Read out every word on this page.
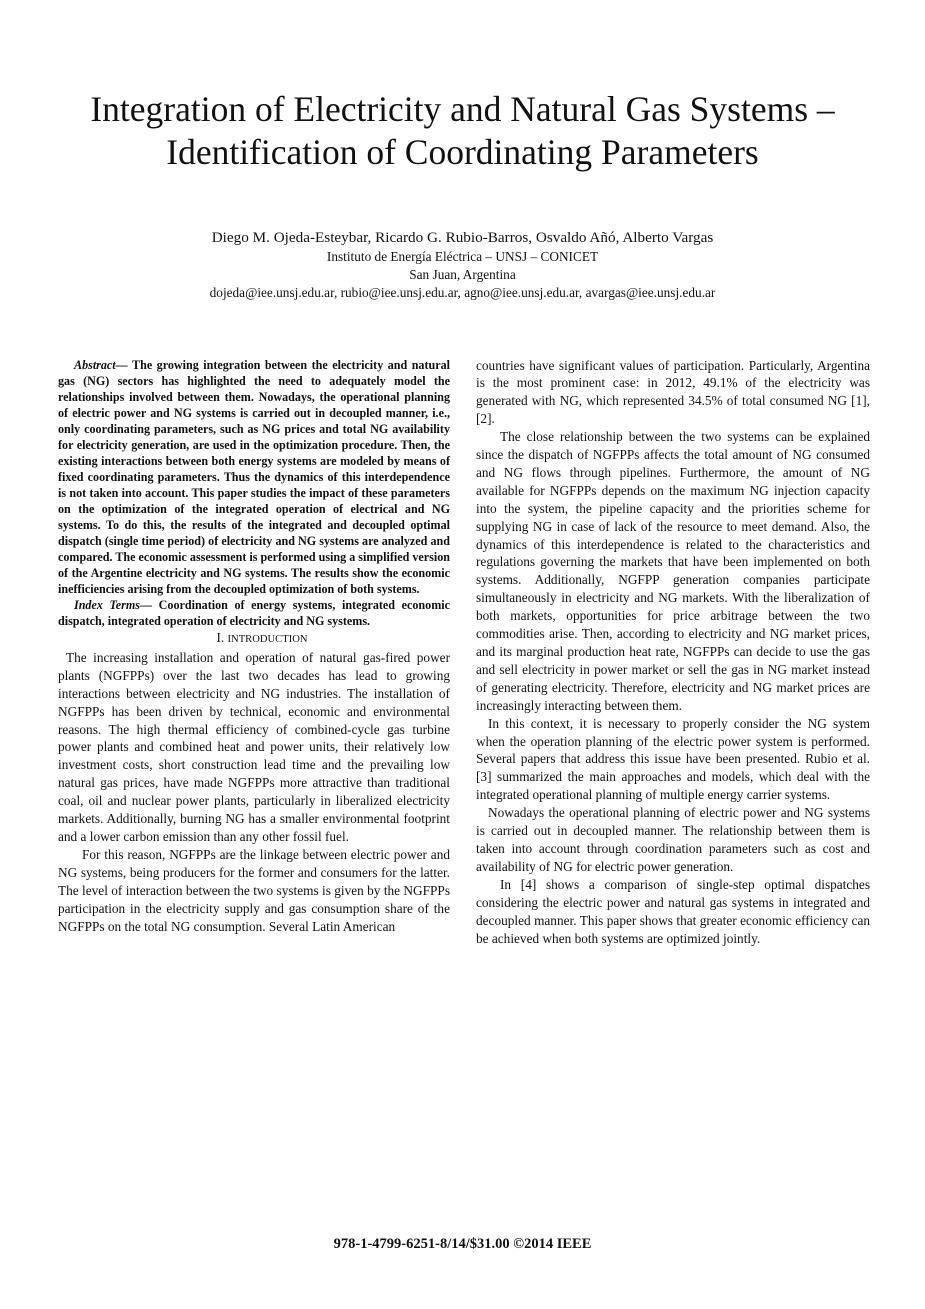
Integration of Electricity and Natural Gas Systems –
Identification of Coordinating Parameters
Diego M. Ojeda-Esteybar, Ricardo G. Rubio-Barros, Osvaldo Añó, Alberto Vargas
Instituto de Energía Eléctrica – UNSJ – CONICET
San Juan, Argentina
dojeda@iee.unsj.edu.ar, rubio@iee.unsj.edu.ar, agno@iee.unsj.edu.ar, avargas@iee.unsj.edu.ar

Abstract— The growing integration between the electricity and natural gas (NG) sectors has highlighted the need to adequately model the relationships involved between them. Nowadays, the operational planning of electric power and NG systems is carried out in decoupled manner, i.e., only coordinating parameters, such as NG prices and total NG availability for electricity generation, are used in the optimization procedure. Then, the existing interactions between both energy systems are modeled by means of fixed coordinating parameters. Thus the dynamics of this interdependence is not taken into account. This paper studies the impact of these parameters on the optimization of the integrated operation of electrical and NG systems. To do this, the results of the integrated and decoupled optimal dispatch (single time period) of electricity and NG systems are analyzed and compared. The economic assessment is performed using a simplified version of the Argentine electricity and NG systems. The results show the economic inefficiencies arising from the decoupled optimization of both systems.

Index Terms— Coordination of energy systems, integrated economic dispatch, integrated operation of electricity and NG systems.

I. INTRODUCTION

The increasing installation and operation of natural gas-fired power plants (NGFPPs) over the last two decades has lead to growing interactions between electricity and NG industries. The installation of NGFPPs has been driven by technical, economic and environmental reasons. The high thermal efficiency of combined-cycle gas turbine power plants and combined heat and power units, their relatively low investment costs, short construction lead time and the prevailing low natural gas prices, have made NGFPPs more attractive than traditional coal, oil and nuclear power plants, particularly in liberalized electricity markets. Additionally, burning NG has a smaller environmental footprint and a lower carbon emission than any other fossil fuel.

For this reason, NGFPPs are the linkage between electric power and NG systems, being producers for the former and consumers for the latter. The level of interaction between the two systems is given by the NGFPPs participation in the electricity supply and gas consumption share of the NGFPPs on the total NG consumption. Several Latin American

countries have significant values of participation. Particularly, Argentina is the most prominent case: in 2012, 49.1% of the electricity was generated with NG, which represented 34.5% of total consumed NG [1], [2].

The close relationship between the two systems can be explained since the dispatch of NGFPPs affects the total amount of NG consumed and NG flows through pipelines. Furthermore, the amount of NG available for NGFPPs depends on the maximum NG injection capacity into the system, the pipeline capacity and the priorities scheme for supplying NG in case of lack of the resource to meet demand. Also, the dynamics of this interdependence is related to the characteristics and regulations governing the markets that have been implemented on both systems. Additionally, NGFPP generation companies participate simultaneously in electricity and NG markets. With the liberalization of both markets, opportunities for price arbitrage between the two commodities arise. Then, according to electricity and NG market prices, and its marginal production heat rate, NGFPPs can decide to use the gas and sell electricity in power market or sell the gas in NG market instead of generating electricity. Therefore, electricity and NG market prices are increasingly interacting between them.

In this context, it is necessary to properly consider the NG system when the operation planning of the electric power system is performed. Several papers that address this issue have been presented. Rubio et al. [3] summarized the main approaches and models, which deal with the integrated operational planning of multiple energy carrier systems.

Nowadays the operational planning of electric power and NG systems is carried out in decoupled manner. The relationship between them is taken into account through coordination parameters such as cost and availability of NG for electric power generation.

In [4] shows a comparison of single-step optimal dispatches considering the electric power and natural gas systems in integrated and decoupled manner. This paper shows that greater economic efficiency can be achieved when both systems are optimized jointly.

978-1-4799-6251-8/14/$31.00 ©2014 IEEE
